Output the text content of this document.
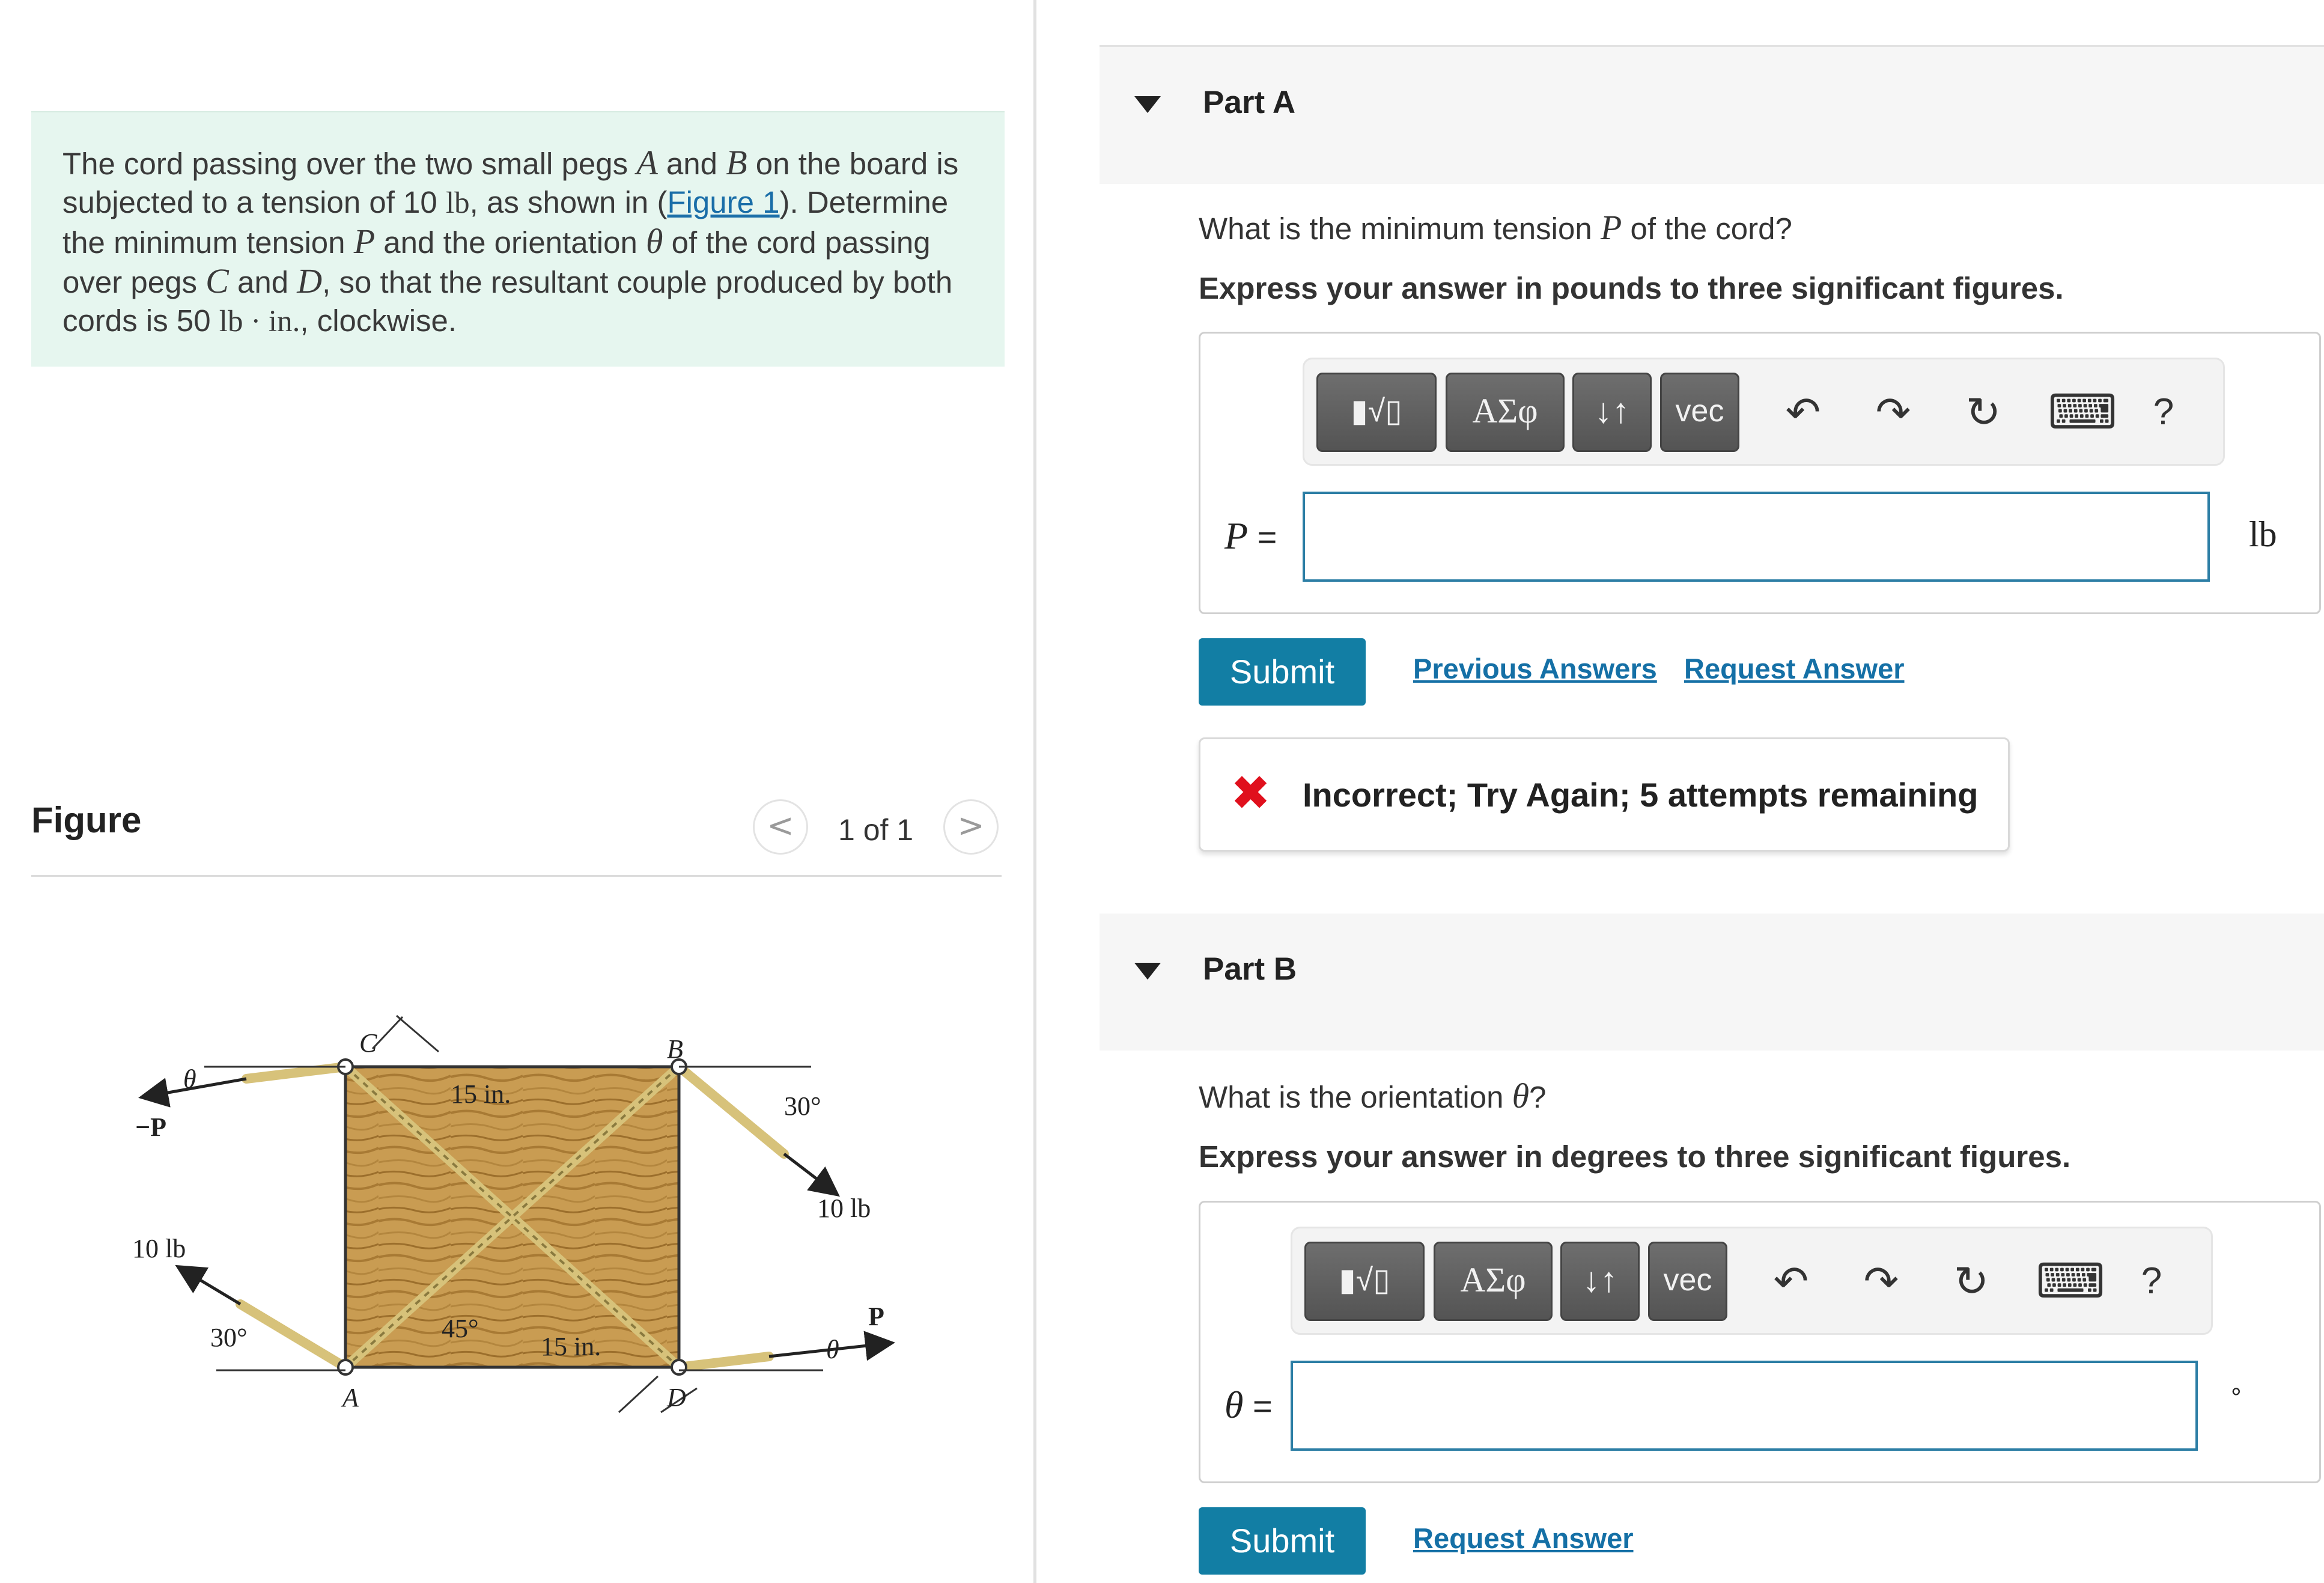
The cord passing over the two small pegs A and B on the board is subjected to a tension of 10 lb, as shown in (Figure 1). Determine the minimum tension P and the orientation θ of the cord passing over pegs C and D, so that the resultant couple produced by both cords is 50 lb · in., clockwise.
Figure	<	1 of 1	>
C	B
A	D
−P
P
θ
θ
10 lb
10 lb
15 in.
15 in.
30°
30°	45°
Part A
What is the minimum tension P of the cord?
Express your answer in pounds to three significant figures.
▮√▯	ΑΣφ	↓↑	vec	↶ ↷ ↻ ⌨ ?
P =	lb
Submit	Previous Answers Request Answer
✖ Incorrect; Try Again; 5 attempts remaining
Part B
What is the orientation θ?
Express your answer in degrees to three significant figures.
▮√▯	ΑΣφ	↓↑	vec	↶ ↷ ↻ ⌨ ?
θ =	°
Submit	Request Answer
